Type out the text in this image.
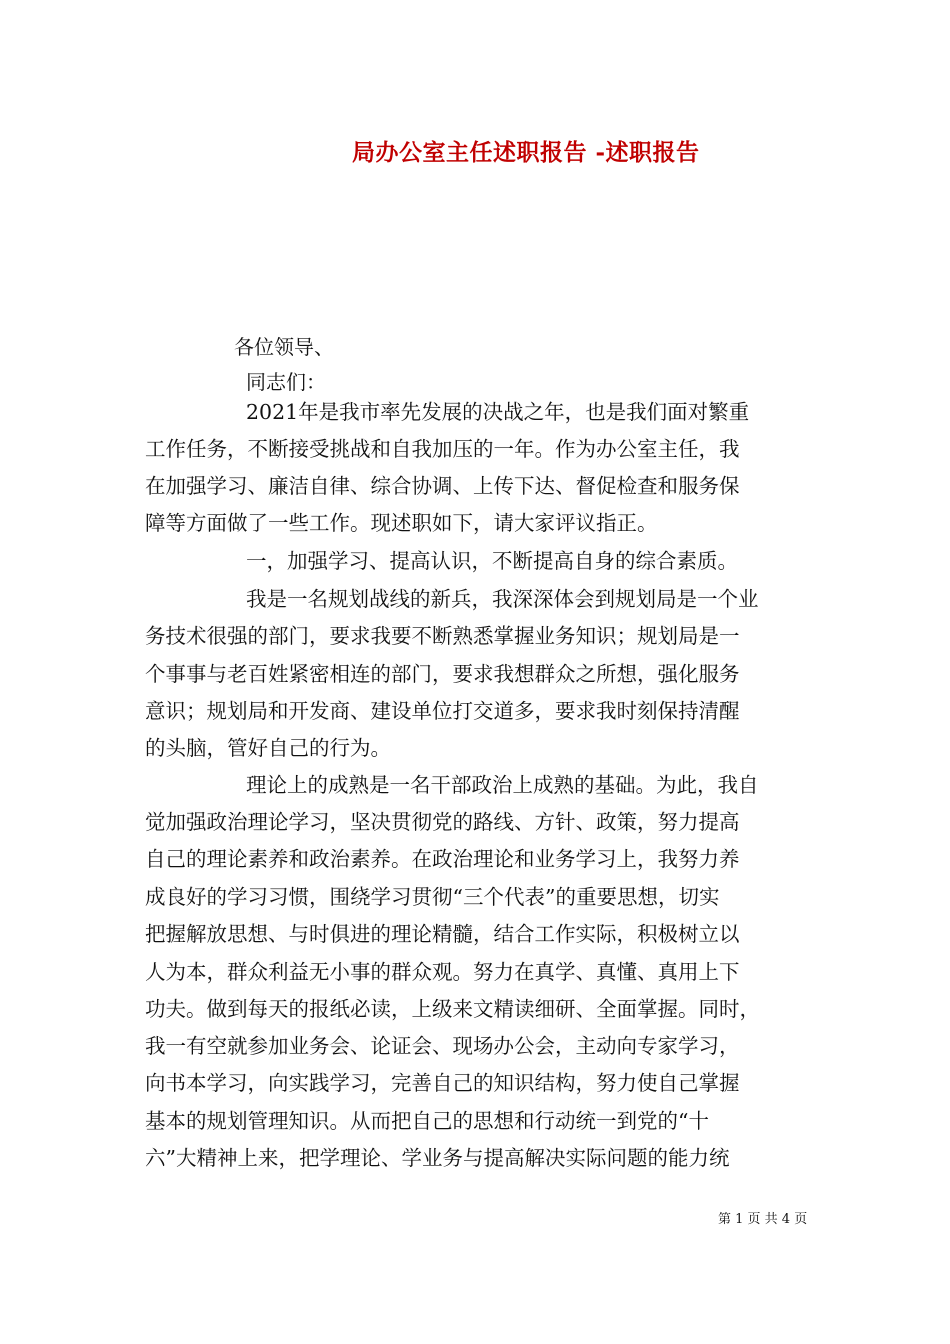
局办公室主任述职报告 -述职报告
各位领导、
同志们：
2021年是我市率先发展的决战之年，也是我们面对繁重
工作任务，不断接受挑战和自我加压的一年。作为办公室主任，我
在加强学习、廉洁自律、综合协调、上传下达、督促检查和服务保
障等方面做了一些工作。现述职如下，请大家评议指正。
一，加强学习、提高认识，不断提高自身的综合素质。
我是一名规划战线的新兵，我深深体会到规划局是一个业
务技术很强的部门，要求我要不断熟悉掌握业务知识；规划局是一
个事事与老百姓紧密相连的部门，要求我想群众之所想，强化服务
意识；规划局和开发商、建设单位打交道多，要求我时刻保持清醒
的头脑，管好自己的行为。
理论上的成熟是一名干部政治上成熟的基础。为此，我自
觉加强政治理论学习，坚决贯彻党的路线、方针、政策，努力提高
自己的理论素养和政治素养。在政治理论和业务学习上，我努力养
成良好的学习习惯，围绕学习贯彻“三个代表”的重要思想，切实
把握解放思想、与时俱进的理论精髓，结合工作实际，积极树立以
人为本，群众利益无小事的群众观。努力在真学、真懂、真用上下
功夫。做到每天的报纸必读，上级来文精读细研、全面掌握。同时，
我一有空就参加业务会、论证会、现场办公会，主动向专家学习，
向书本学习，向实践学习，完善自己的知识结构，努力使自己掌握
基本的规划管理知识。从而把自己的思想和行动统一到党的“十
六”大精神上来，把学理论、学业务与提高解决实际问题的能力统
第 1 页 共 4 页
